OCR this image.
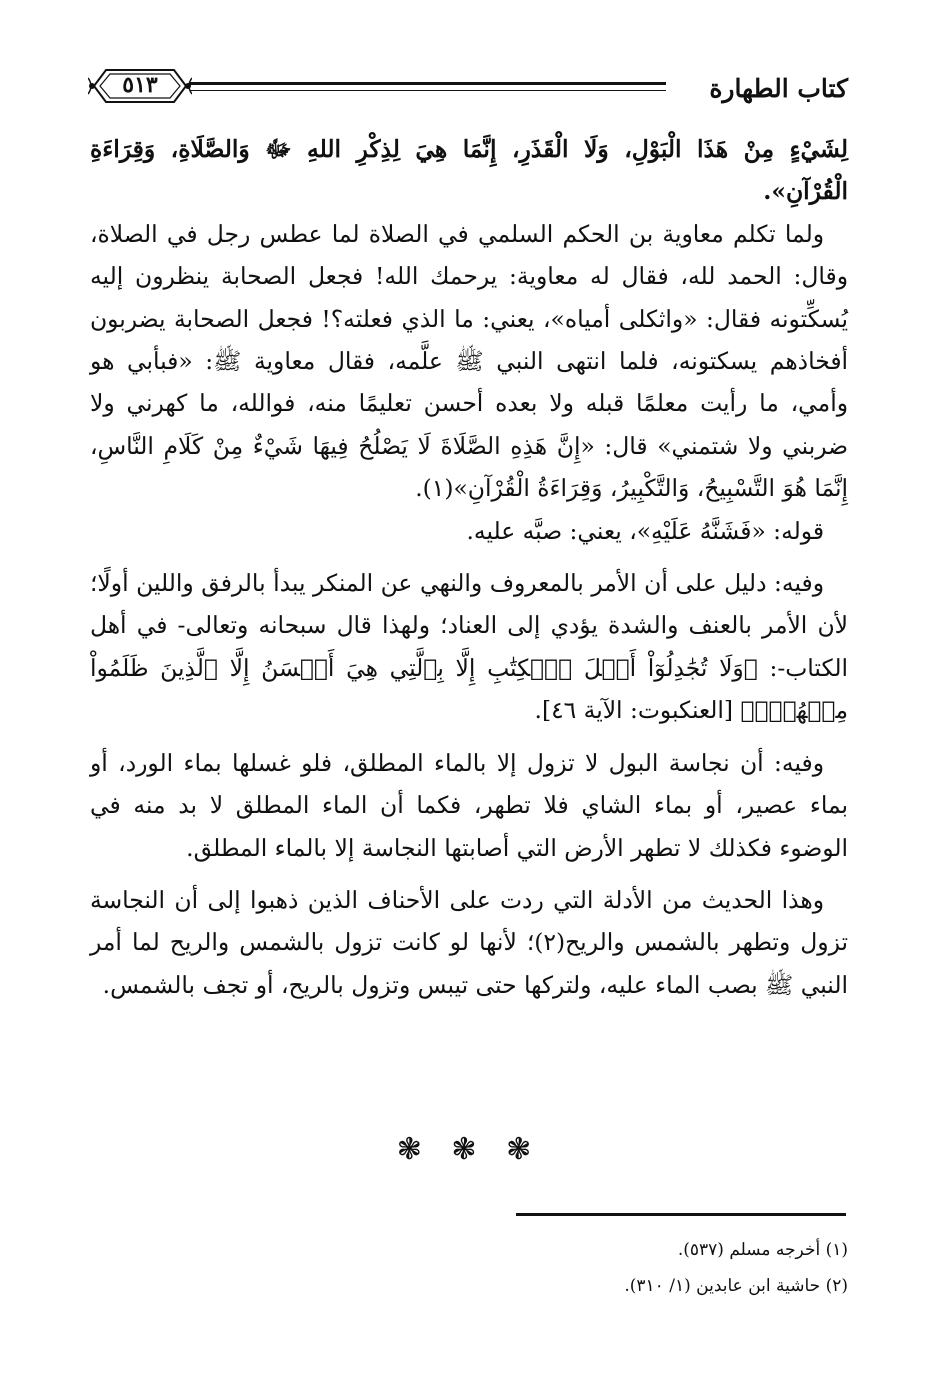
كتاب الطهارة
٥١٣

لِشَيْءٍ مِنْ هَذَا الْبَوْلِ، وَلَا الْقَذَرِ، إِنَّمَا هِيَ لِذِكْرِ اللهِ ﷻ وَالصَّلَاةِ، وَقِرَاءَةِ الْقُرْآنِ».

ولما تكلم معاوية بن الحكم السلمي في الصلاة لما عطس رجل في الصلاة، وقال: الحمد لله، فقال له معاوية: يرحمك الله! فجعل الصحابة ينظرون إليه يُسكِّتونه فقال: «واثكلى أمياه»، يعني: ما الذي فعلته؟! فجعل الصحابة يضربون أفخاذهم يسكتونه، فلما انتهى النبي ﷺ علَّمه، فقال معاوية ﷺ: «فبأبي هو وأمي، ما رأيت معلمًا قبله ولا بعده أحسن تعليمًا منه، فوالله، ما كهرني ولا ضربني ولا شتمني» قال: «إِنَّ هَذِهِ الصَّلَاةَ لَا يَصْلُحُ فِيهَا شَيْءٌ مِنْ كَلَامِ النَّاسِ، إِنَّمَا هُوَ التَّسْبِيحُ، وَالتَّكْبِيرُ، وَقِرَاءَةُ الْقُرْآنِ»(١).

قوله: «فَشَنَّهُ عَلَيْهِ»، يعني: صبَّه عليه.

وفيه: دليل على أن الأمر بالمعروف والنهي عن المنكر يبدأ بالرفق واللين أولًا؛ لأن الأمر بالعنف والشدة يؤدي إلى العناد؛ ولهذا قال سبحانه وتعالى- في أهل الكتاب-: ﴿وَلَا تُجَٰدِلُوٓاْ أَهۡلَ ٱلۡكِتَٰبِ إِلَّا بِٱلَّتِي هِيَ أَحۡسَنُ إِلَّا ٱلَّذِينَ ظَلَمُواْ مِنۡهُمۡۖ﴾ [العنكبوت: الآية ٤٦].

وفيه: أن نجاسة البول لا تزول إلا بالماء المطلق، فلو غسلها بماء الورد، أو بماء عصير، أو بماء الشاي فلا تطهر، فكما أن الماء المطلق لا بد منه في الوضوء فكذلك لا تطهر الأرض التي أصابتها النجاسة إلا بالماء المطلق.

وهذا الحديث من الأدلة التي ردت على الأحناف الذين ذهبوا إلى أن النجاسة تزول وتطهر بالشمس والريح(٢)؛ لأنها لو كانت تزول بالشمس والريح لما أمر النبي ﷺ بصب الماء عليه، ولتركها حتى تيبس وتزول بالريح، أو تجف بالشمس.

❃ ❃ ❃
(١) أخرجه مسلم (٥٣٧).
(٢) حاشية ابن عابدين (١/ ٣١٠).
